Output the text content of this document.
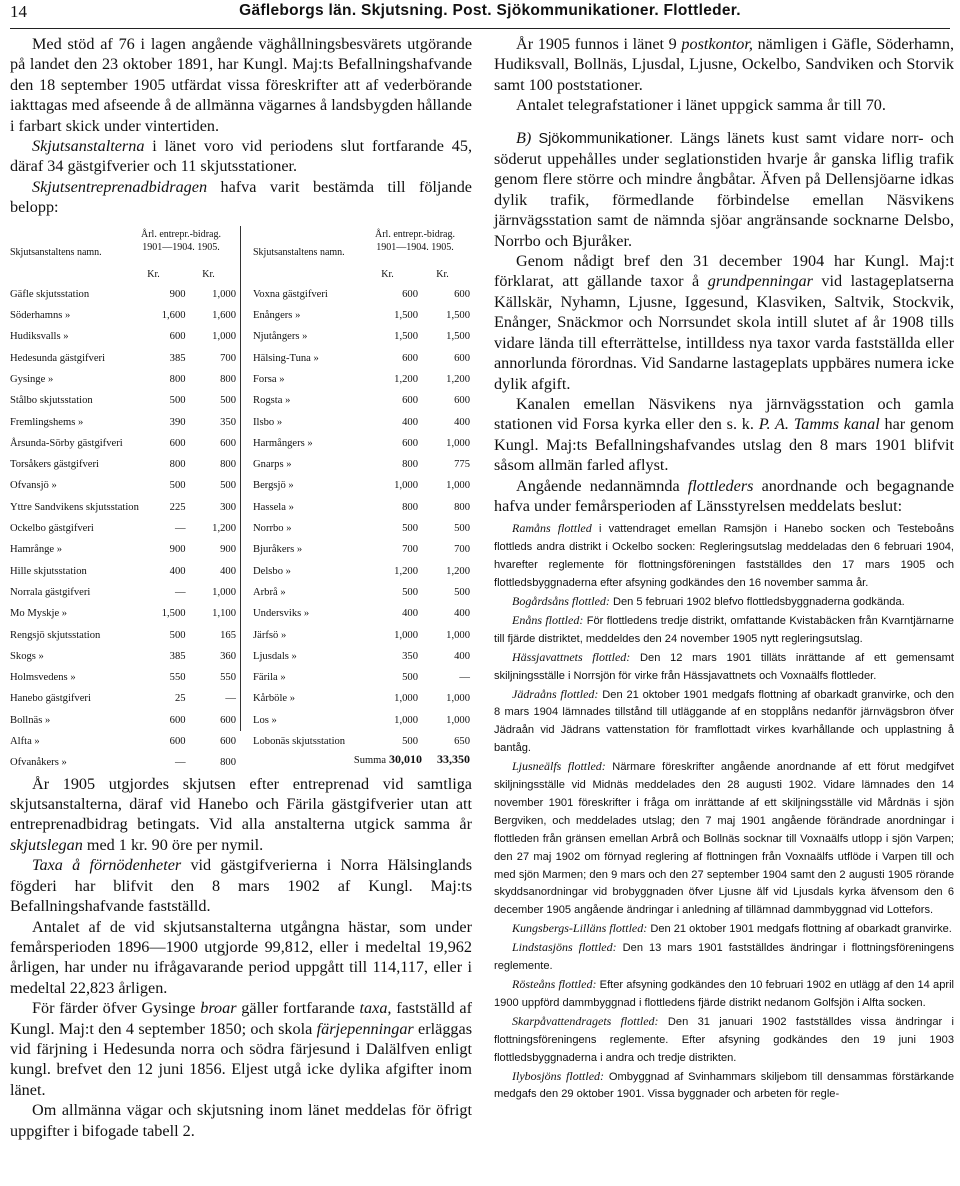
14	Gäfleborgs län. Skjutsning. Post. Sjökommunikationer. Flottleder.

Med stöd af 76 i lagen angående väghållningsbesvärets utgörande på landet den 23 oktober 1891, har Kungl. Maj:ts Befallningshafvande den 18 september 1905 utfärdat vissa föreskrifter att af vederbörande iakttagas med afseende å de allmänna vägarnes å landsbygden hållande i farbart skick under vintertiden.

Skjutsanstalterna i länet voro vid periodens slut fortfarande 45, däraf 34 gästgifverier och 11 skjutsstationer.

Skjutsentreprenadbidragen hafva varit bestämda till följande belopp:

Skjutsanstaltens namn.
Årl. entrepr.-bidrag.
1901—1904. 1905.
Kr.	Kr.
Gäfle skjutsstation	900	1,000
Söderhamns »	1,600	1,600
Hudiksvalls »	600	1,000
Hedesunda gästgifveri	385	700
Gysinge »	800	800
Stålbo skjutsstation	500	500
Fremlingshems »	390	350
Årsunda-Sörby gästgifveri	600	600
Torsåkers gästgifveri	800	800
Ofvansjö »	500	500
Yttre Sandvikens skjutsstation	225	300
Ockelbo gästgifveri	—	1,200
Hamrånge »	900	900
Hille skjutsstation	400	400
Norrala gästgifveri	—	1,000
Mo Myskje »	1,500	1,100
Rengsjö skjutsstation	500	165
Skogs »	385	360
Holmsvedens »	550	550
Hanebo gästgifveri	25	—
Bollnäs »	600	600
Alfta »	600	600
Ofvanåkers »	—	800
Skjutsanstaltens namn.
Årl. entrepr.-bidrag.
1901—1904. 1905.
Kr.	Kr.
Voxna gästgifveri	600	600
Enångers »	1,500	1,500
Njutångers »	1,500	1,500
Hälsing-Tuna »	600	600
Forsa »	1,200	1,200
Rogsta »	600	600
Ilsbo »	400	400
Harmångers »	600	1,000
Gnarps »	800	775
Bergsjö »	1,000	1,000
Hassela »	800	800
Norrbo »	500	500
Bjuråkers »	700	700
Delsbo »	1,200	1,200
Arbrå »	500	500
Undersviks »	400	400
Järfsö »	1,000	1,000
Ljusdals »	350	400
Färila »	500	—
Kårböle »	1,000	1,000
Los »	1,000	1,000
Lobonäs skjutsstation	500	650
Summa 30,010 33,350

År 1905 utgjordes skjutsen efter entreprenad vid samtliga skjutsanstalterna, däraf vid Hanebo och Färila gästgifverier utan att entreprenadbidrag betingats. Vid alla anstalterna utgick samma år skjutslegan med 1 kr. 90 öre per nymil.

Taxa å förnödenheter vid gästgifverierna i Norra Hälsinglands fögderi har blifvit den 8 mars 1902 af Kungl. Maj:ts Befallningshafvande fastställd.

Antalet af de vid skjutsanstalterna utgångna hästar, som under femårsperioden 1896—1900 utgjorde 99,812, eller i medeltal 19,962 årligen, har under nu ifrågavarande period uppgått till 114,117, eller i medeltal 22,823 årligen.

För färder öfver Gysinge broar gäller fortfarande taxa, fastställd af Kungl. Maj:t den 4 september 1850; och skola färjepenningar erläggas vid färjning i Hedesunda norra och södra färjesund i Dalälfven enligt kungl. brefvet den 12 juni 1856. Eljest utgå icke dylika afgifter inom länet.

Om allmänna vägar och skjutsning inom länet meddelas för öfrigt uppgifter i bifogade tabell 2.

År 1905 funnos i länet 9 postkontor, nämligen i Gäfle, Söderhamn, Hudiksvall, Bollnäs, Ljusdal, Ljusne, Ockelbo, Sandviken och Storvik samt 100 poststationer.

Antalet telegrafstationer i länet uppgick samma år till 70.

B) Sjökommunikationer. Längs länets kust samt vidare norr- och söderut uppehålles under seglationstiden hvarje år ganska liflig trafik genom flere större och mindre ångbåtar. Äfven på Dellensjöarne idkas dylik trafik, förmedlande förbindelse emellan Näsvikens järnvägsstation samt de nämnda sjöar angränsande socknarne Delsbo, Norrbo och Bjuråker.

Genom nådigt bref den 31 december 1904 har Kungl. Maj:t förklarat, att gällande taxor å grundpenningar vid lastageplatserna Källskär, Nyhamn, Ljusne, Iggesund, Klasviken, Saltvik, Stockvik, Enånger, Snäckmor och Norrsundet skola intill slutet af år 1908 tills vidare lända till efterrättelse, intilldess nya taxor varda fastställda eller annorlunda förordnas. Vid Sandarne lastageplats uppbäres numera icke dylik afgift.

Kanalen emellan Näsvikens nya järnvägsstation och gamla stationen vid Forsa kyrka eller den s. k. P. A. Tamms kanal har genom Kungl. Maj:ts Befallningshafvandes utslag den 8 mars 1901 blifvit såsom allmän farled aflyst.

Angående nedannämnda flottleders anordnande och begagnande hafva under femårsperioden af Länsstyrelsen meddelats beslut:

Ramåns flottled i vattendraget emellan Ramsjön i Hanebo socken och Testeboåns flottleds andra distrikt i Ockelbo socken: Regleringsutslag meddeladas den 6 februari 1904, hvarefter reglemente för flottningsföreningen fastställdes den 17 mars 1905 och flottledsbyggnaderna efter afsyning godkändes den 16 november samma år.

Bogårdsåns flottled: Den 5 februari 1902 blefvo flottledsbyggnaderna godkända.

Enåns flottled: För flottledens tredje distrikt, omfattande Kvistabäcken från Kvarntjärnarne till fjärde distriktet, meddeldes den 24 november 1905 nytt regleringsutslag.

Hässjavattnets flottled: Den 12 mars 1901 tilläts inrättande af ett gemensamt skiljningsställe i Norrsjön för virke från Hässjavattnets och Voxnaälfs flottleder.

Jädraåns flottled: Den 21 oktober 1901 medgafs flottning af obarkadt granvirke, och den 8 mars 1904 lämnades tillstånd till utläggande af en stopplåns nedanför järnvägsbron öfver Jädraån vid Jädrans vattenstation för framflottadt virkes kvarhållande och upplastning å bantåg.

Ljusneälfs flottled: Närmare föreskrifter angående anordnande af ett förut medgifvet skiljningsställe vid Midnäs meddelades den 28 augusti 1902. Vidare lämnades den 14 november 1901 föreskrifter i fråga om inrättande af ett skiljningsställe vid Mårdnäs i sjön Bergviken, och meddelades utslag; den 7 maj 1901 angående förändrade anordningar i flottleden från gränsen emellan Arbrå och Bollnäs socknar till Voxnaälfs utlopp i sjön Varpen; den 27 maj 1902 om förnyad reglering af flottningen från Voxnaälfs utflöde i Varpen till och med sjön Marmen; den 9 mars och den 27 september 1904 samt den 2 augusti 1905 rörande skyddsanordningar vid brobyggnaden öfver Ljusne älf vid Ljusdals kyrka äfvensom den 6 december 1905 angående ändringar i anledning af tillämnad dammbyggnad vid Lottefors.

Kungsbergs-Lilläns flottled: Den 21 oktober 1901 medgafs flottning af obarkadt granvirke.

Lindstasjöns flottled: Den 13 mars 1901 fastställdes ändringar i flottningsföreningens reglemente.

Rösteåns flottled: Efter afsyning godkändes den 10 februari 1902 en utlägg af den 14 april 1900 uppförd dammbyggnad i flottledens fjärde distrikt nedanom Golfsjön i Alfta socken.

Skarpåvattendragets flottled: Den 31 januari 1902 fastställdes vissa ändringar i flottningsföreningens reglemente. Efter afsyning godkändes den 19 juni 1903 flottledsbyggnaderna i andra och tredje distrikten.

Ilybosjöns flottled: Ombyggnad af Svinhammars skiljebom till densammas förstärkande medgafs den 29 oktober 1901. Vissa byggnader och arbeten för regle-
